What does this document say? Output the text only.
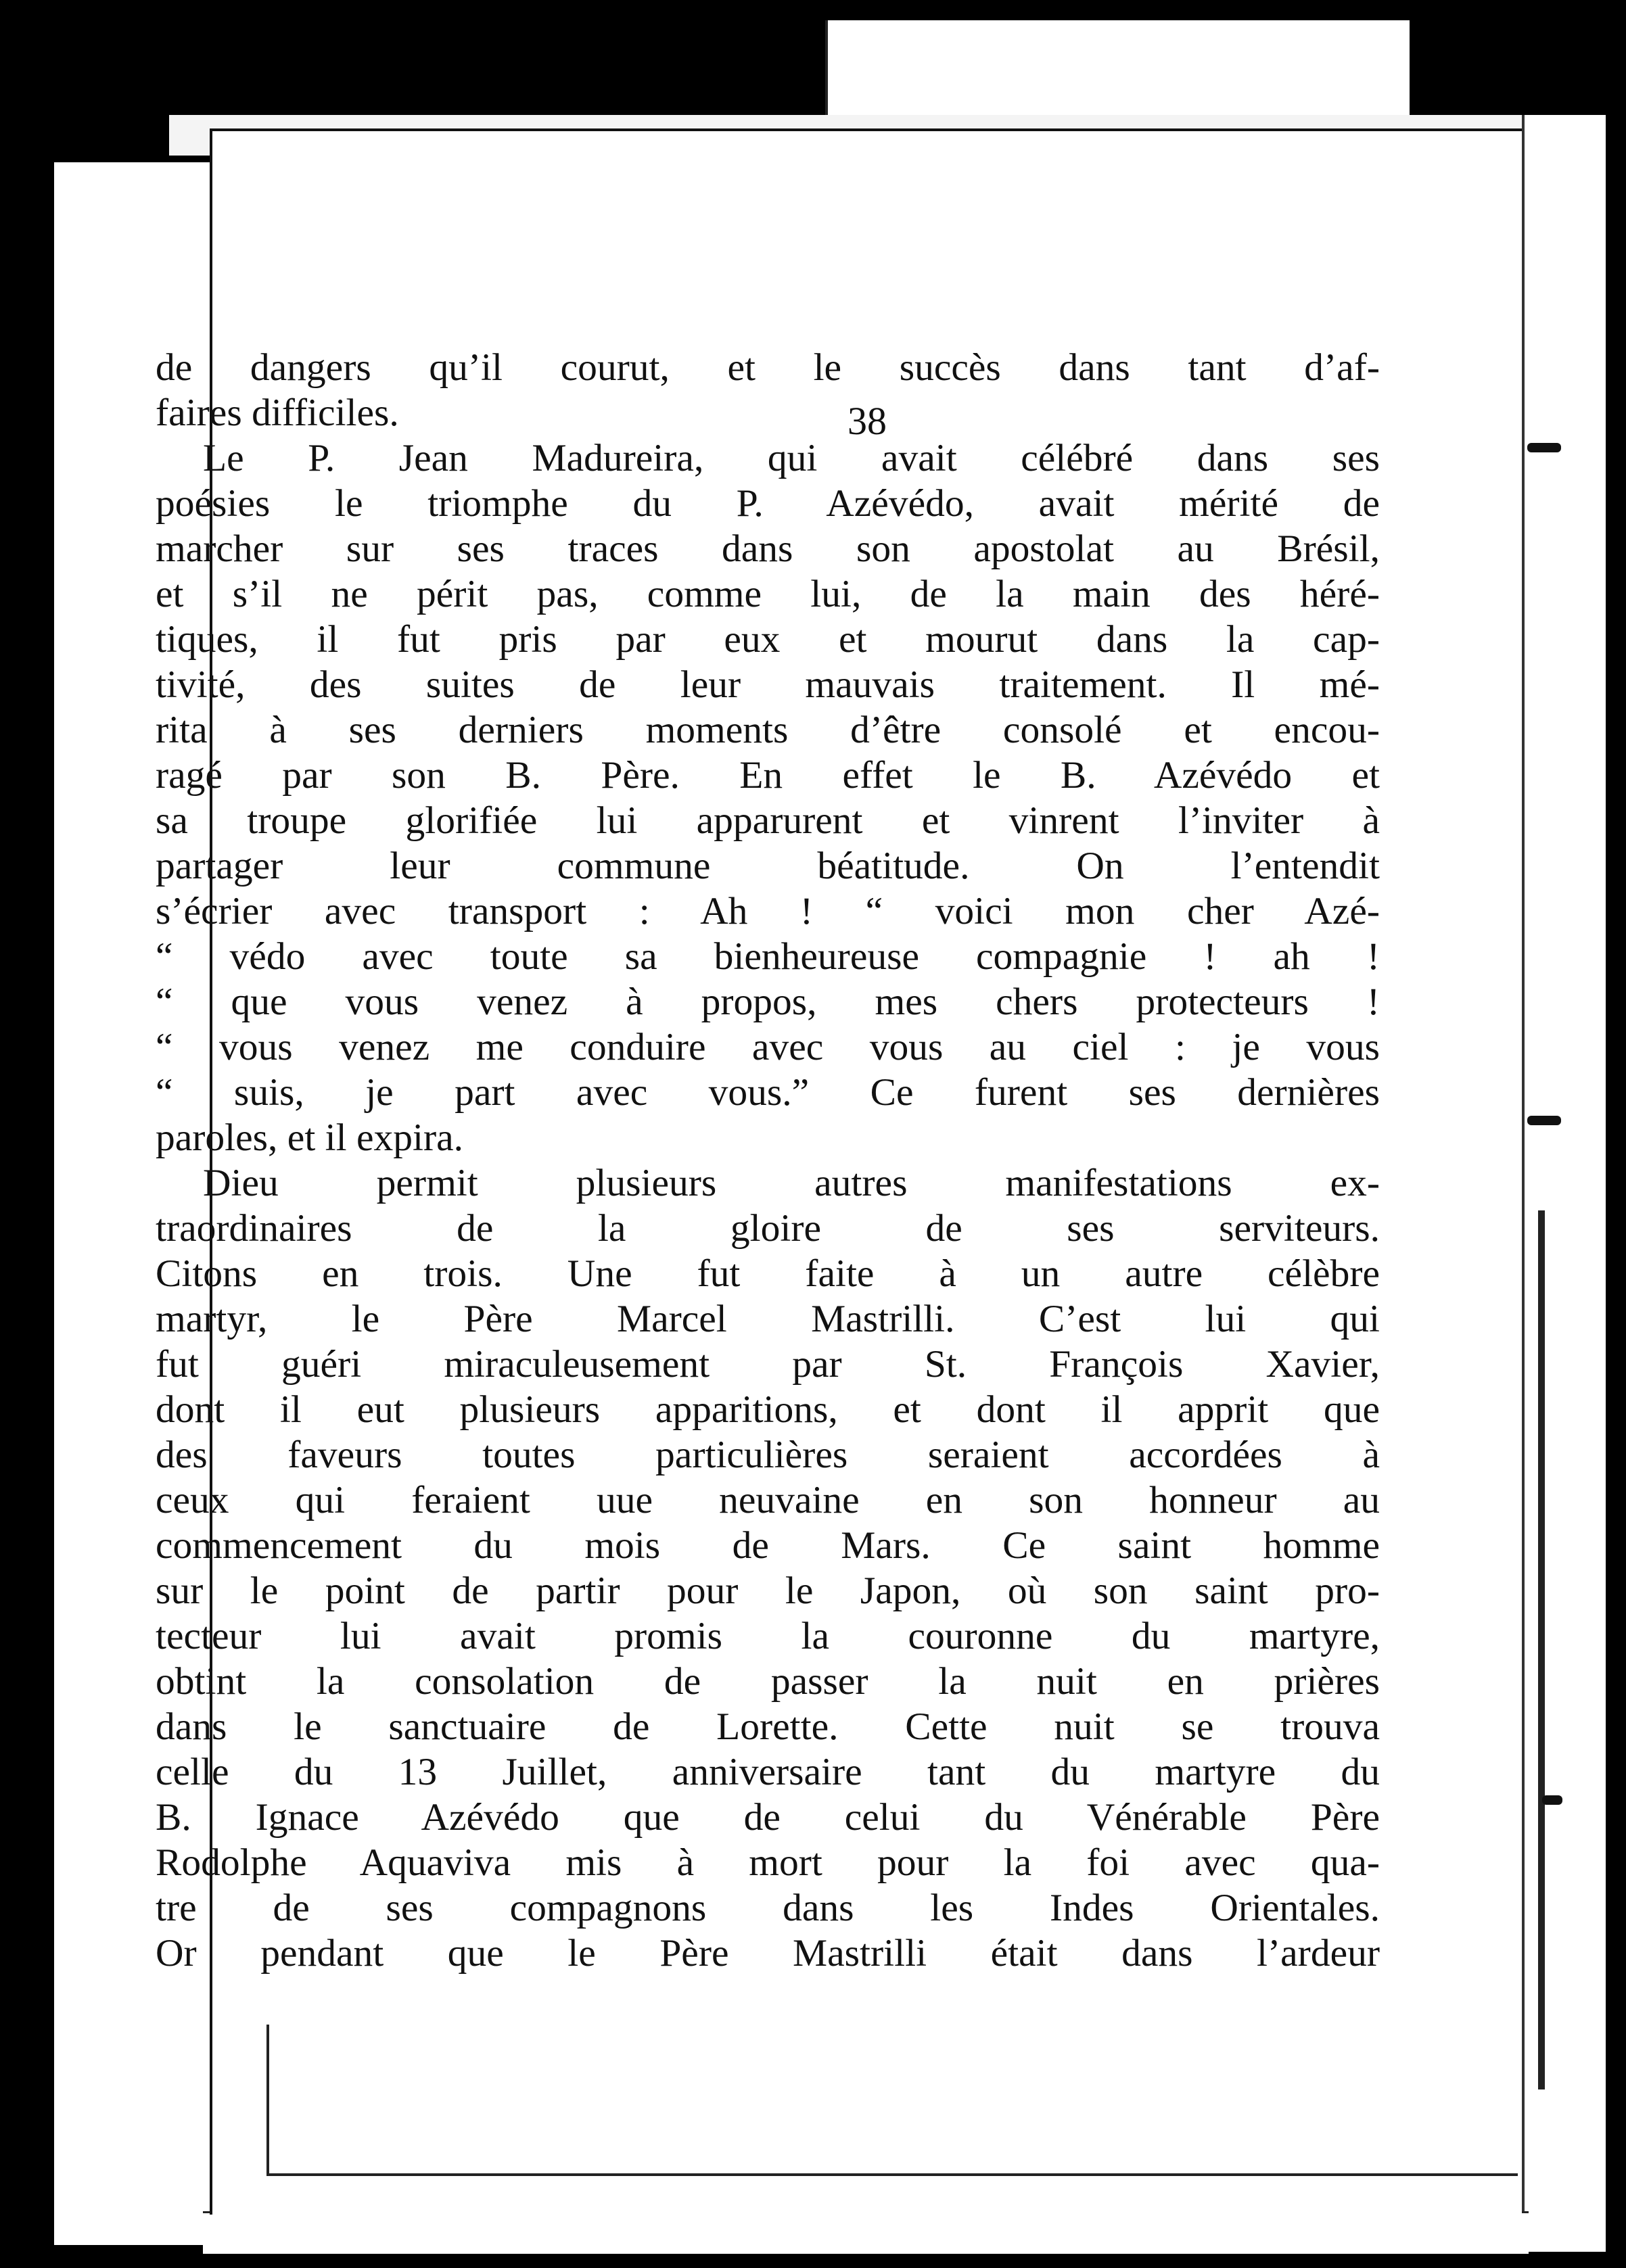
38
de dangers qu’il courut, et le succès dans tant d’af-
faires difficiles.
Le P. Jean Madureira, qui avait célébré dans ses
poésies le triomphe du P. Azévédo, avait mérité de
marcher sur ses traces dans son apostolat au Brésil,
et s’il ne périt pas, comme lui, de la main des héré-
tiques, il fut pris par eux et mourut dans la cap-
tivité, des suites de leur mauvais traitement. Il mé-
rita à ses derniers moments d’être consolé et encou-
ragé par son B. Père. En effet le B. Azévédo et
sa troupe glorifiée lui apparurent et vinrent l’inviter à
partager leur commune béatitude. On l’entendit
s’écrier avec transport : Ah ! “ voici mon cher Azé-
“ védo avec toute sa bienheureuse compagnie ! ah !
“ que vous venez à propos, mes chers protecteurs !
“ vous venez me conduire avec vous au ciel : je vous
“ suis, je part avec vous.” Ce furent ses dernières
paroles, et il expira.
Dieu permit plusieurs autres manifestations ex-
traordinaires de la gloire de ses serviteurs.
Citons en trois. Une fut faite à un autre célèbre
martyr, le Père Marcel Mastrilli. C’est lui qui
fut guéri miraculeusement par St. François Xavier,
dont il eut plusieurs apparitions, et dont il apprit que
des faveurs toutes particulières seraient accordées à
ceux qui feraient uue neuvaine en son honneur au
commencement du mois de Mars. Ce saint homme
sur le point de partir pour le Japon, où son saint pro-
tecteur lui avait promis la couronne du martyre,
obtint la consolation de passer la nuit en prières
dans le sanctuaire de Lorette. Cette nuit se trouva
celle du 13 Juillet, anniversaire tant du martyre du
B. Ignace Azévédo que de celui du Vénérable Père
Rodolphe Aquaviva mis à mort pour la foi avec qua-
tre de ses compagnons dans les Indes Orientales.
Or pendant que le Père Mastrilli était dans l’ardeur
